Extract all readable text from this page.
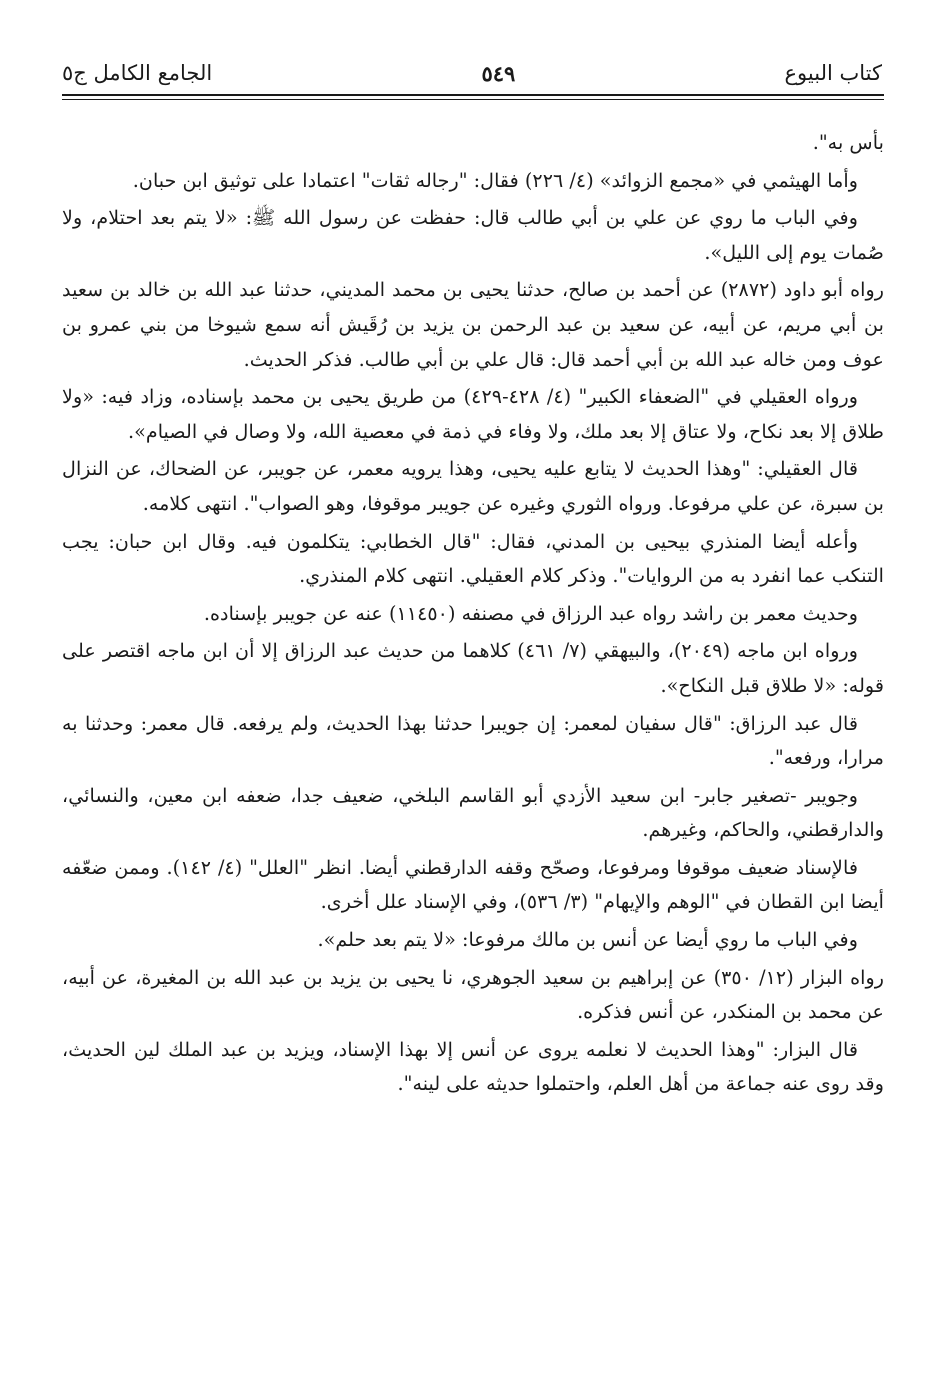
كتاب البيوع
٥٤٩
الجامع الكامل ج٥

بأس به".

وأما الهيثمي في «مجمع الزوائد» (٤/ ٢٢٦) فقال: "رجاله ثقات" اعتمادا على توثيق ابن حبان.

وفي الباب ما روي عن علي بن أبي طالب قال: حفظت عن رسول الله ﷺ: «لا يتم بعد احتلام، ولا صُمات يوم إلى الليل».

رواه أبو داود (٢٨٧٢) عن أحمد بن صالح، حدثنا يحيى بن محمد المديني، حدثنا عبد الله بن خالد بن سعيد بن أبي مريم، عن أبيه، عن سعيد بن عبد الرحمن بن يزيد بن رُقَيش أنه سمع شيوخا من بني عمرو بن عوف ومن خاله عبد الله بن أبي أحمد قال: قال علي بن أبي طالب. فذكر الحديث.

ورواه العقيلي في "الضعفاء الكبير" (٤/ ٤٢٨-٤٢٩) من طريق يحيى بن محمد بإسناده، وزاد فيه: «ولا طلاق إلا بعد نكاح، ولا عتاق إلا بعد ملك، ولا وفاء في ذمة في معصية الله، ولا وصال في الصيام».

قال العقيلي: "وهذا الحديث لا يتابع عليه يحيى، وهذا يرويه معمر، عن جويبر، عن الضحاك، عن النزال بن سبرة، عن علي مرفوعا. ورواه الثوري وغيره عن جويبر موقوفا، وهو الصواب". انتهى كلامه.

وأعله أيضا المنذري بيحيى بن المدني، فقال: "قال الخطابي: يتكلمون فيه. وقال ابن حبان: يجب التنكب عما انفرد به من الروايات". وذكر كلام العقيلي. انتهى كلام المنذري.

وحديث معمر بن راشد رواه عبد الرزاق في مصنفه (١١٤٥٠) عنه عن جويبر بإسناده.

ورواه ابن ماجه (٢٠٤٩)، والبيهقي (٧/ ٤٦١) كلاهما من حديث عبد الرزاق إلا أن ابن ماجه اقتصر على قوله: «لا طلاق قبل النكاح».

قال عبد الرزاق: "قال سفيان لمعمر: إن جويبرا حدثنا بهذا الحديث، ولم يرفعه. قال معمر: وحدثنا به مرارا، ورفعه".

وجويبر -تصغير جابر- ابن سعيد الأزدي أبو القاسم البلخي، ضعيف جدا، ضعفه ابن معين، والنسائي، والدارقطني، والحاكم، وغيرهم.

فالإسناد ضعيف موقوفا ومرفوعا، وصحّح وقفه الدارقطني أيضا. انظر "العلل" (٤/ ١٤٢). وممن ضعّفه أيضا ابن القطان في "الوهم والإيهام" (٣/ ٥٣٦)، وفي الإسناد علل أخرى.

وفي الباب ما روي أيضا عن أنس بن مالك مرفوعا: «لا يتم بعد حلم».

رواه البزار (١٢/ ٣٥٠) عن إبراهيم بن سعيد الجوهري، نا يحيى بن يزيد بن عبد الله بن المغيرة، عن أبيه، عن محمد بن المنكدر، عن أنس فذكره.

قال البزار: "وهذا الحديث لا نعلمه يروى عن أنس إلا بهذا الإسناد، ويزيد بن عبد الملك لين الحديث، وقد روى عنه جماعة من أهل العلم، واحتملوا حديثه على لينه".
